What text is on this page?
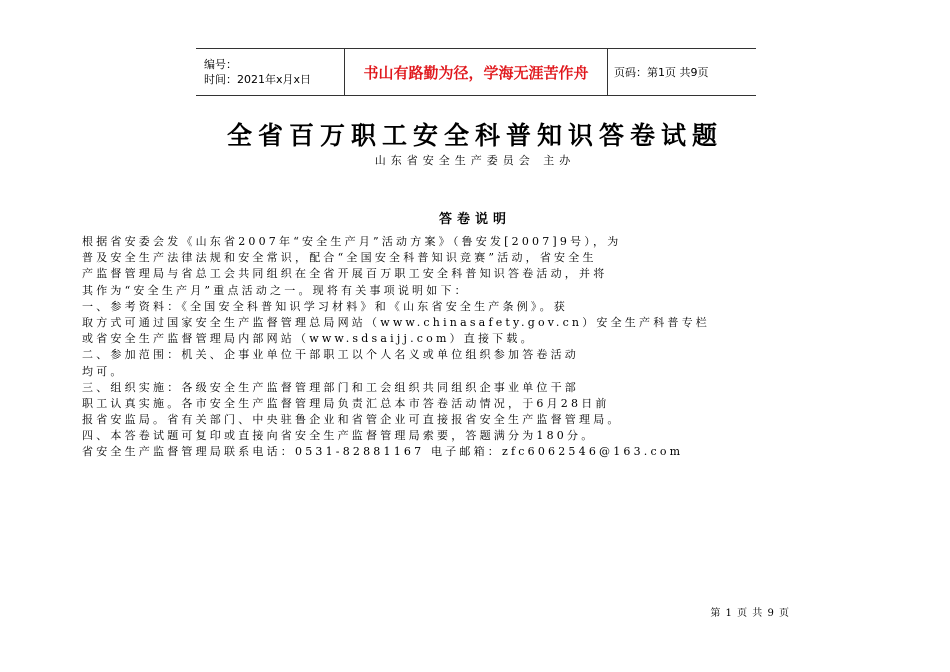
编号：
时间：2021年x月x日	书山有路勤为径，学海无涯苦作舟 页码：第1页 共9页
全省百万职工安全科普知识答卷试题
山东省安全生产委员会 主办
答卷说明
根据省安委会发《山东省2007年“安全生产月”活动方案》（鲁安发[2007]9号），为
普及安全生产法律法规和安全常识，配合“全国安全科普知识竞赛”活动，省安全生
产监督管理局与省总工会共同组织在全省开展百万职工安全科普知识答卷活动，并将
其作为“安全生产月”重点活动之一。现将有关事项说明如下：
一、参考资料：《全国安全科普知识学习材料》和《山东省安全生产条例》。获
取方式可通过国家安全生产监督管理总局网站（www.chinasafety.gov.cn）安全生产科普专栏
或省安全生产监督管理局内部网站（www.sdsaijj.com）直接下载。
二、参加范围：机关、企事业单位干部职工以个人名义或单位组织参加答卷活动
均可。
三、组织实施：各级安全生产监督管理部门和工会组织共同组织企事业单位干部
职工认真实施。各市安全生产监督管理局负责汇总本市答卷活动情况，于6月28日前
报省安监局。省有关部门、中央驻鲁企业和省管企业可直接报省安全生产监督管理局。
四、本答卷试题可复印或直接向省安全生产监督管理局索要，答题满分为180分。
省安全生产监督管理局联系电话：0531-82881167 电子邮箱：zfc6062546@163.com
第 1 页 共 9 页
